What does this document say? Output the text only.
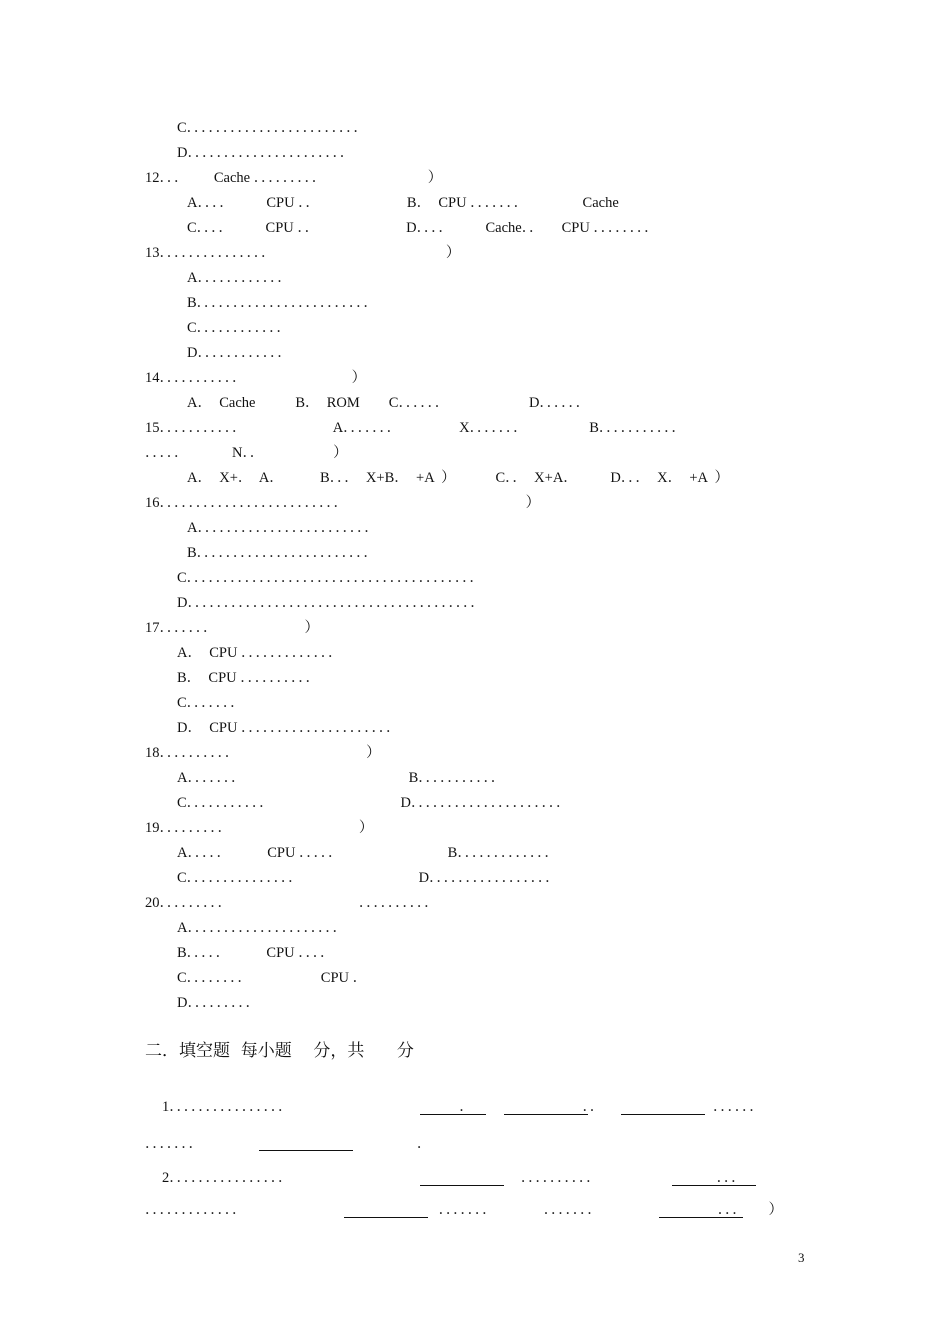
C．．．．．．．．．．．．．．．．．．．．．．．．
D．．．．．．．．．．．．．．．．．．．．．．
12．．．       Cache ．．．．．．．．．                            ）
A．．．．         CPU ．．                        B．  CPU ．．．．．．．               Cache
C．．．．         CPU ．．                        D．．．．         Cache．．     CPU ．．．．．．．．
13．．．．．．．．．．．．．．．                                               ）
A．．．．．．．．．．．．
B．．．．．．．．．．．．．．．．．．．．．．．．
C．．．．．．．．．．．．
D．．．．．．．．．．．．
14．．．．．．．．．．．                             ）
A．  Cache           B．  ROM        C．．．．．．                      D．．．．．．
15．．．．．．．．．．．                        A．．．．．．．                X．．．．．．．                 B．．．．．．．．．．．
．．．．．            N．．                   ）
A．  X+．  A．          B．．．  X+B．  +A  ）           C．．  X+A．         D．．．  X．  +A  ）
16．．．．．．．．．．．．．．．．．．．．．．．．．                                                 ）
A．．．．．．．．．．．．．．．．．．．．．．．．
B．．．．．．．．．．．．．．．．．．．．．．．．
C．．．．．．．．．．．．．．．．．．．．．．．．．．．．．．．．．．．．．．．．
D．．．．．．．．．．．．．．．．．．．．．．．．．．．．．．．．．．．．．．．．
17．．．．．．．                        ）
A．  CPU ．．．．．．．．．．．．．
B．  CPU ．．．．．．．．．．
C．．．．．．．
D．  CPU ．．．．．．．．．．．．．．．．．．．．．
18．．．．．．．．．．                                   ）
A．．．．．．．                                             B．．．．．．．．．．．
C．．．．．．．．．．．                                   D．．．．．．．．．．．．．．．．．．．．．
19．．．．．．．．．                                   ）
A．．．．．          CPU ．．．．．                             B．．．．．．．．．．．．．
C．．．．．．．．．．．．．．．                                D．．．．．．．．．．．．．．．．．
20．．．．．．．．．                                   ．．．．．．．．．．
A．．．．．．．．．．．．．．．．．．．．．
B．．．．．          CPU ．．．．
C．．．．．．．．                   CPU ．
D．．．．．．．．．
1．．．．．．．．．．．．．．．．                                              ．                              ．．                              ．．．．．．
．．．．．．．                                                           ．
2．．．．．．．．．．．．．．．．                                                               ．．．．．．．．．．                                ．．．
．．．．．．．．．．．．．                                                     ．．．．．．．             ．．．．．．．                                ．．．      ）
二．填空题  每小题    分，共      分
3
